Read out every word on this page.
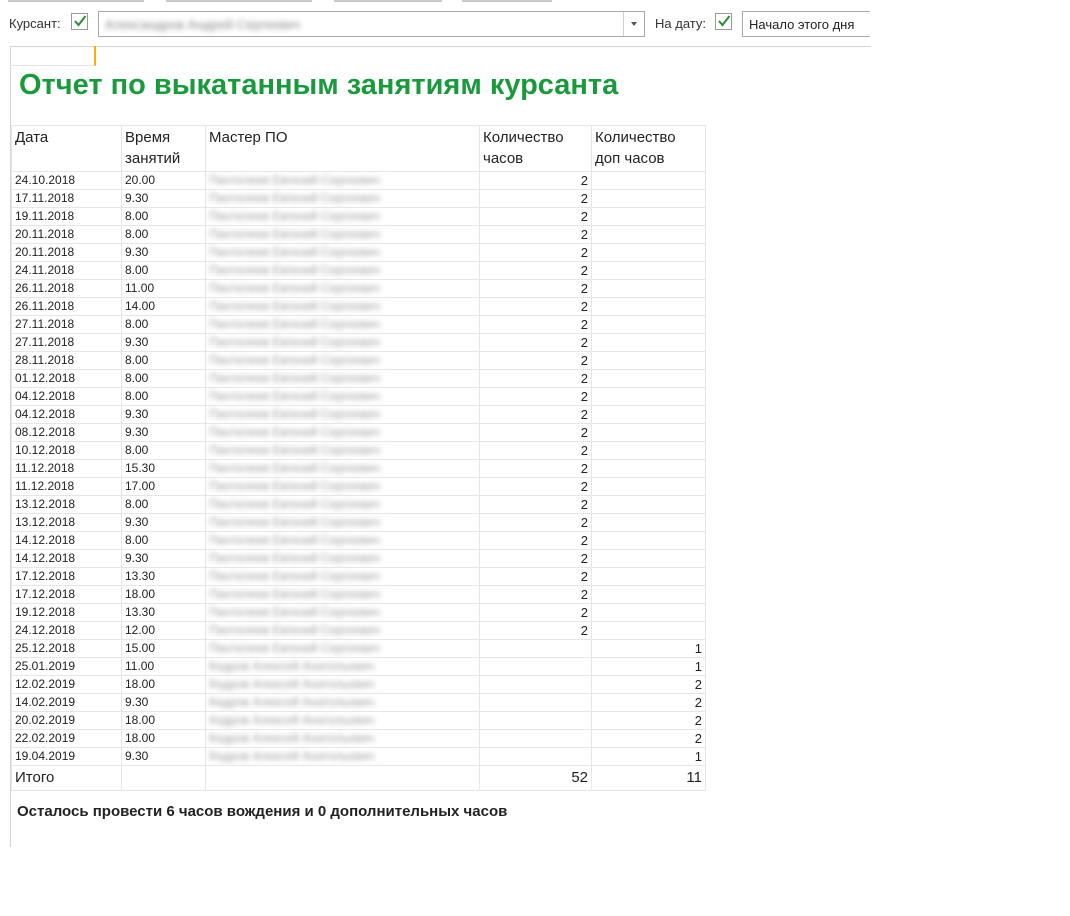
Курсант:	Александров Андрей Сергеевич	На дату:	Начало этого дня
Отчет по выкатанным занятиям курсанта
Дата	Время занятий	Мастер ПО	Количество часов	Количество доп часов
24.10.2018	20.00	Пантелеев Евгений Сергеевич	2	
17.11.2018	9.30	Пантелеев Евгений Сергеевич	2	
19.11.2018	8.00	Пантелеев Евгений Сергеевич	2	
20.11.2018	8.00	Пантелеев Евгений Сергеевич	2	
20.11.2018	9.30	Пантелеев Евгений Сергеевич	2	
24.11.2018	8.00	Пантелеев Евгений Сергеевич	2	
26.11.2018	11.00	Пантелеев Евгений Сергеевич	2	
26.11.2018	14.00	Пантелеев Евгений Сергеевич	2	
27.11.2018	8.00	Пантелеев Евгений Сергеевич	2	
27.11.2018	9.30	Пантелеев Евгений Сергеевич	2	
28.11.2018	8.00	Пантелеев Евгений Сергеевич	2	
01.12.2018	8.00	Пантелеев Евгений Сергеевич	2	
04.12.2018	8.00	Пантелеев Евгений Сергеевич	2	
04.12.2018	9.30	Пантелеев Евгений Сергеевич	2	
08.12.2018	9.30	Пантелеев Евгений Сергеевич	2	
10.12.2018	8.00	Пантелеев Евгений Сергеевич	2	
11.12.2018	15.30	Пантелеев Евгений Сергеевич	2	
11.12.2018	17.00	Пантелеев Евгений Сергеевич	2	
13.12.2018	8.00	Пантелеев Евгений Сергеевич	2	
13.12.2018	9.30	Пантелеев Евгений Сергеевич	2	
14.12.2018	8.00	Пантелеев Евгений Сергеевич	2	
14.12.2018	9.30	Пантелеев Евгений Сергеевич	2	
17.12.2018	13.30	Пантелеев Евгений Сергеевич	2	
17.12.2018	18.00	Пантелеев Евгений Сергеевич	2	
19.12.2018	13.30	Пантелеев Евгений Сергеевич	2	
24.12.2018	12.00	Пантелеев Евгений Сергеевич	2	
25.12.2018	15.00	Пантелеев Евгений Сергеевич		1
25.01.2019	11.00	Кедров Алексей Анатольевич		1
12.02.2019	18.00	Кедров Алексей Анатольевич		2
14.02.2019	9.30	Кедров Алексей Анатольевич		2
20.02.2019	18.00	Кедров Алексей Анатольевич		2
22.02.2019	18.00	Кедров Алексей Анатольевич		2
19.04.2019	9.30	Кедров Алексей Анатольевич		1
Итого			52	11
Осталось провести 6 часов вождения и 0 дополнительных часов
